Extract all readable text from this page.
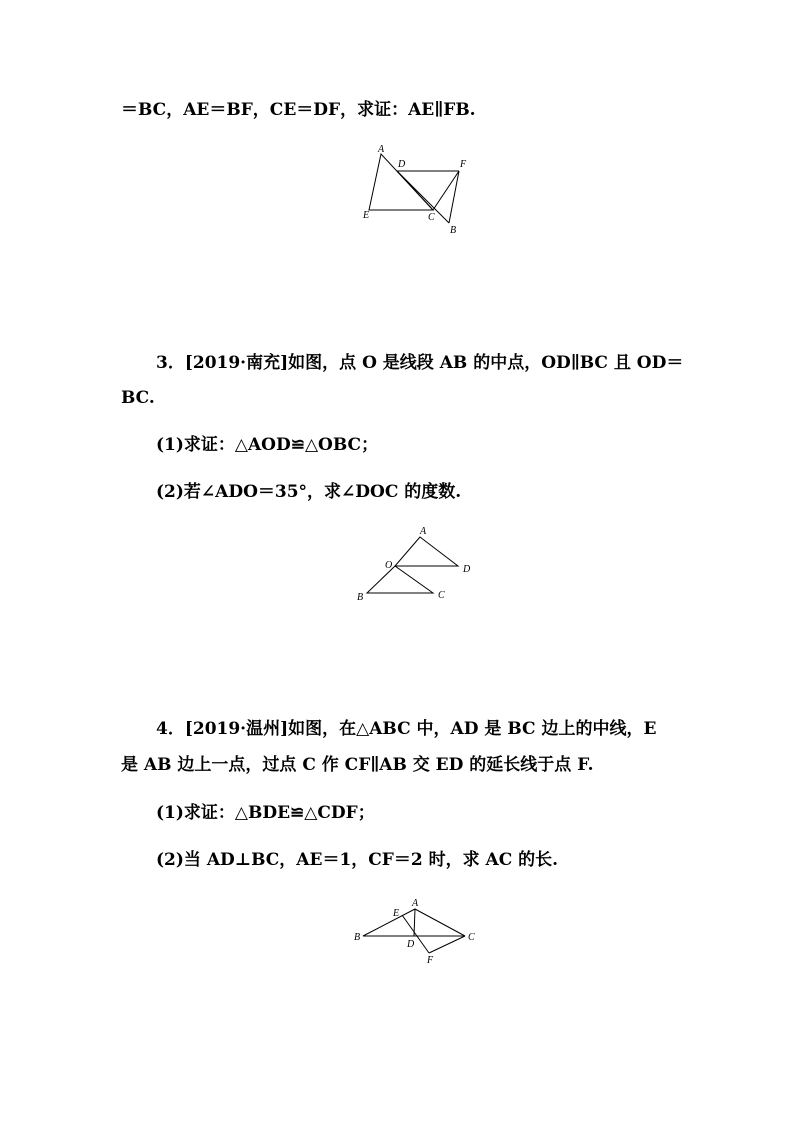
＝BC，AE＝BF，CE＝DF，求证：AE∥FB.
A
D	F
E	C
B
3．[2019·南充]如图，点 O 是线段 AB 的中点，OD∥BC 且 OD＝
BC.
(1)求证：△AOD≌△OBC；
(2)若∠ADO＝35°，求∠DOC 的度数.
A
O	D
B	C
4．[2019·温州]如图，在△ABC 中，AD 是 BC 边上的中线，E
是 AB 边上一点，过点 C 作 CF∥AB 交 ED 的延长线于点 F.
(1)求证：△BDE≌△CDF；
(2)当 AD⊥BC，AE＝1，CF＝2 时，求 AC 的长.
E
A
B
D
C
F
